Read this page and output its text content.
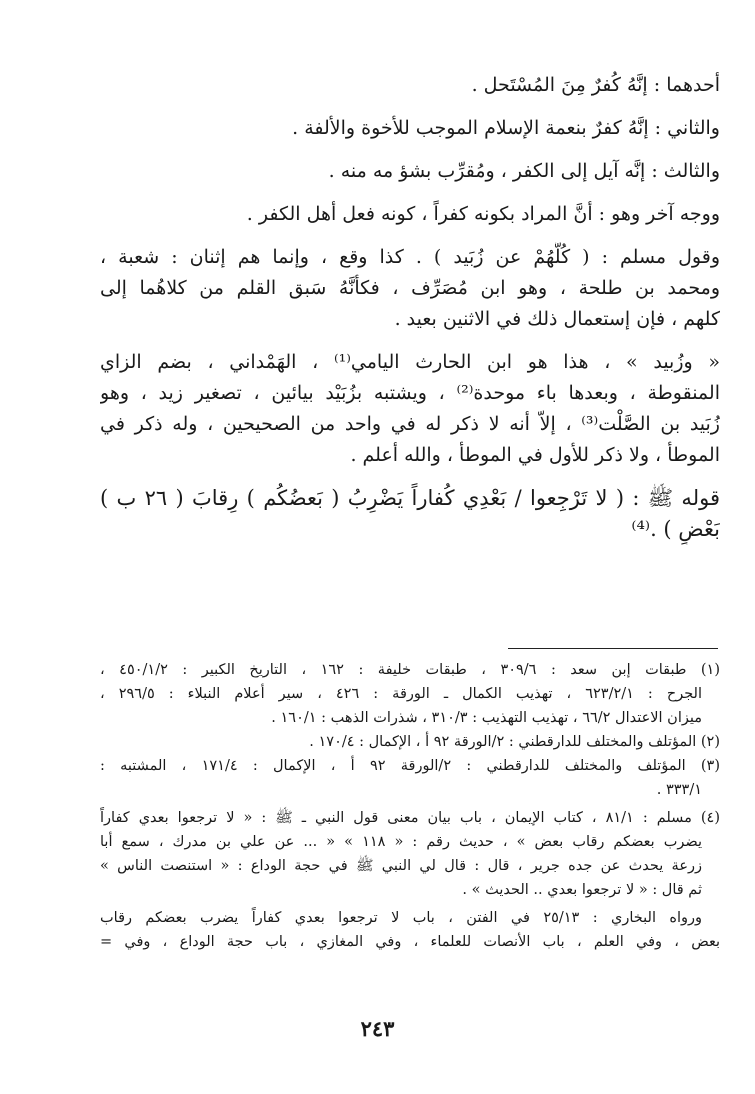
أحدهما : إنَّهُ كُفرٌ مِنَ المُسْتَحل .
والثاني : إنَّهُ كفرٌ بنعمة الإسلام الموجب للأخوة والألفة .
والثالث : إنَّه آيل إلى الكفر ، ومُقرِّب بشؤ مه منه .
ووجه آخر وهو : أنَّ المراد بكونه كفراً ، كونه فعل أهل الكفر .
وقول مسلم : ( كُلُّهُمْ عن زُبَيد ) . كذا وقع ، وإنما هم إثنان : شعبة ،
ومحمد بن طلحة ، وهو ابن مُصَرِّف ، فكأنَّهُ سَبق القلم من كلاهُما إلى
كلهم ، فإن إستعمال ذلك في الاثنين بعيد .
« وزُبيد » ، هذا هو ابن الحارث اليامي⁽¹⁾ ، الهَمْداني ، بضم الزاي
المنقوطة ، وبعدها باء موحدة⁽²⁾ ، ويشتبه بزُبَيْد بيائين ، تصغير زيد ، وهو
زُبَيد بن الصَّلْت⁽³⁾ ، إلاّ أنه لا ذكر له في واحد من الصحيحين ، وله ذكر في
الموطأ ، ولا ذكر للأول في الموطأ ، والله أعلم .
قوله ﷺ : ( لا تَرْجِعوا / بَعْدِي كُفاراً يَضْرِبُ ( بَعضُكُم ) رِقابَ ( ٢٦ ب )
بَعْضٍ ) .⁽⁴⁾
(١) طبقات إبن سعد : ٣٠٩/٦ ، طبقات خليفة : ١٦٢ ، التاريخ الكبير : ٤٥٠/١/٢ ،
الجرح : ٦٢٣/٢/١ ، تهذيب الكمال ـ الورقة : ٤٢٦ ، سير أعلام النبلاء : ٢٩٦/٥ ،
ميزان الاعتدال ٦٦/٢ ، تهذيب التهذيب : ٣١٠/٣ ، شذرات الذهب : ١٦٠/١ .
(٢) المؤتلف والمختلف للدارقطني : ٢/الورقة ٩٢ أ ، الإكمال : ١٧٠/٤ .
(٣) المؤتلف والمختلف للدارقطني : ٢/الورقة ٩٢ أ ، الإكمال : ١٧١/٤ ، المشتبه :
٣٣٣/١ .
(٤) مسلم : ٨١/١ ، كتاب الإيمان ، باب بيان معنى قول النبي ـ ﷺ : « لا ترجعوا بعدي كفاراً
يضرب بعضكم رقاب بعض » ، حديث رقم : « ١١٨ » « ... عن علي بن مدرك ، سمع أبا
زرعة يحدث عن جده جرير ، قال : قال لي النبي ﷺ في حجة الوداع : « استنصت الناس »
ثم قال : « لا ترجعوا بعدي .. الحديث » .
ورواه البخاري : ٢٥/١٣ في الفتن ، باب لا ترجعوا بعدي كفاراً يضرب بعضكم رقاب
بعض ، وفي العلم ، باب الأنصات للعلماء ، وفي المغازي ، باب حجة الوداع ، وفي =
٢٤٣
